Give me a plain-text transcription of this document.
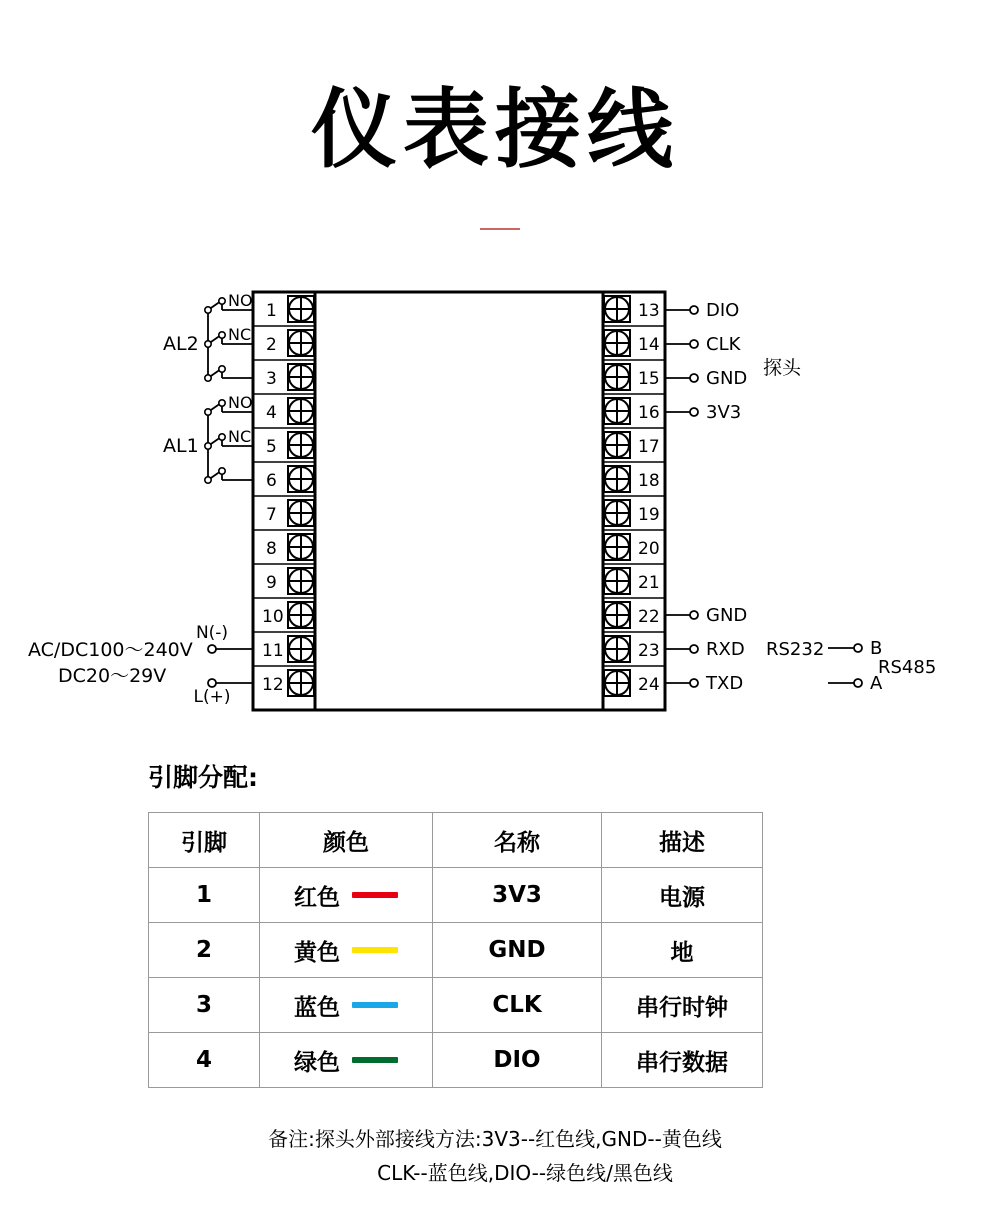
仪表接线
1
2
3
4
5
6
7
8
9
10
11
12
13
14
15
16
17
18
19
20
21
22
23
24
NO
NC
AL2
NO
NC
AL1
N(-)
L(+)
AC/DC100～240V
DC20～29V
DIO
CLK
GND
3V3
GND
RXD
TXD
探头
RS232	B
A
RS485
引脚分配:
引脚	颜色	名称	描述
1	红色	3V3	电源
2	黄色	GND	地
3	蓝色	CLK	串行时钟
4	绿色	DIO	串行数据
备注:探头外部接线方法:3V3--红色线,GND--黄色线
CLK--蓝色线,DIO--绿色线/黑色线
